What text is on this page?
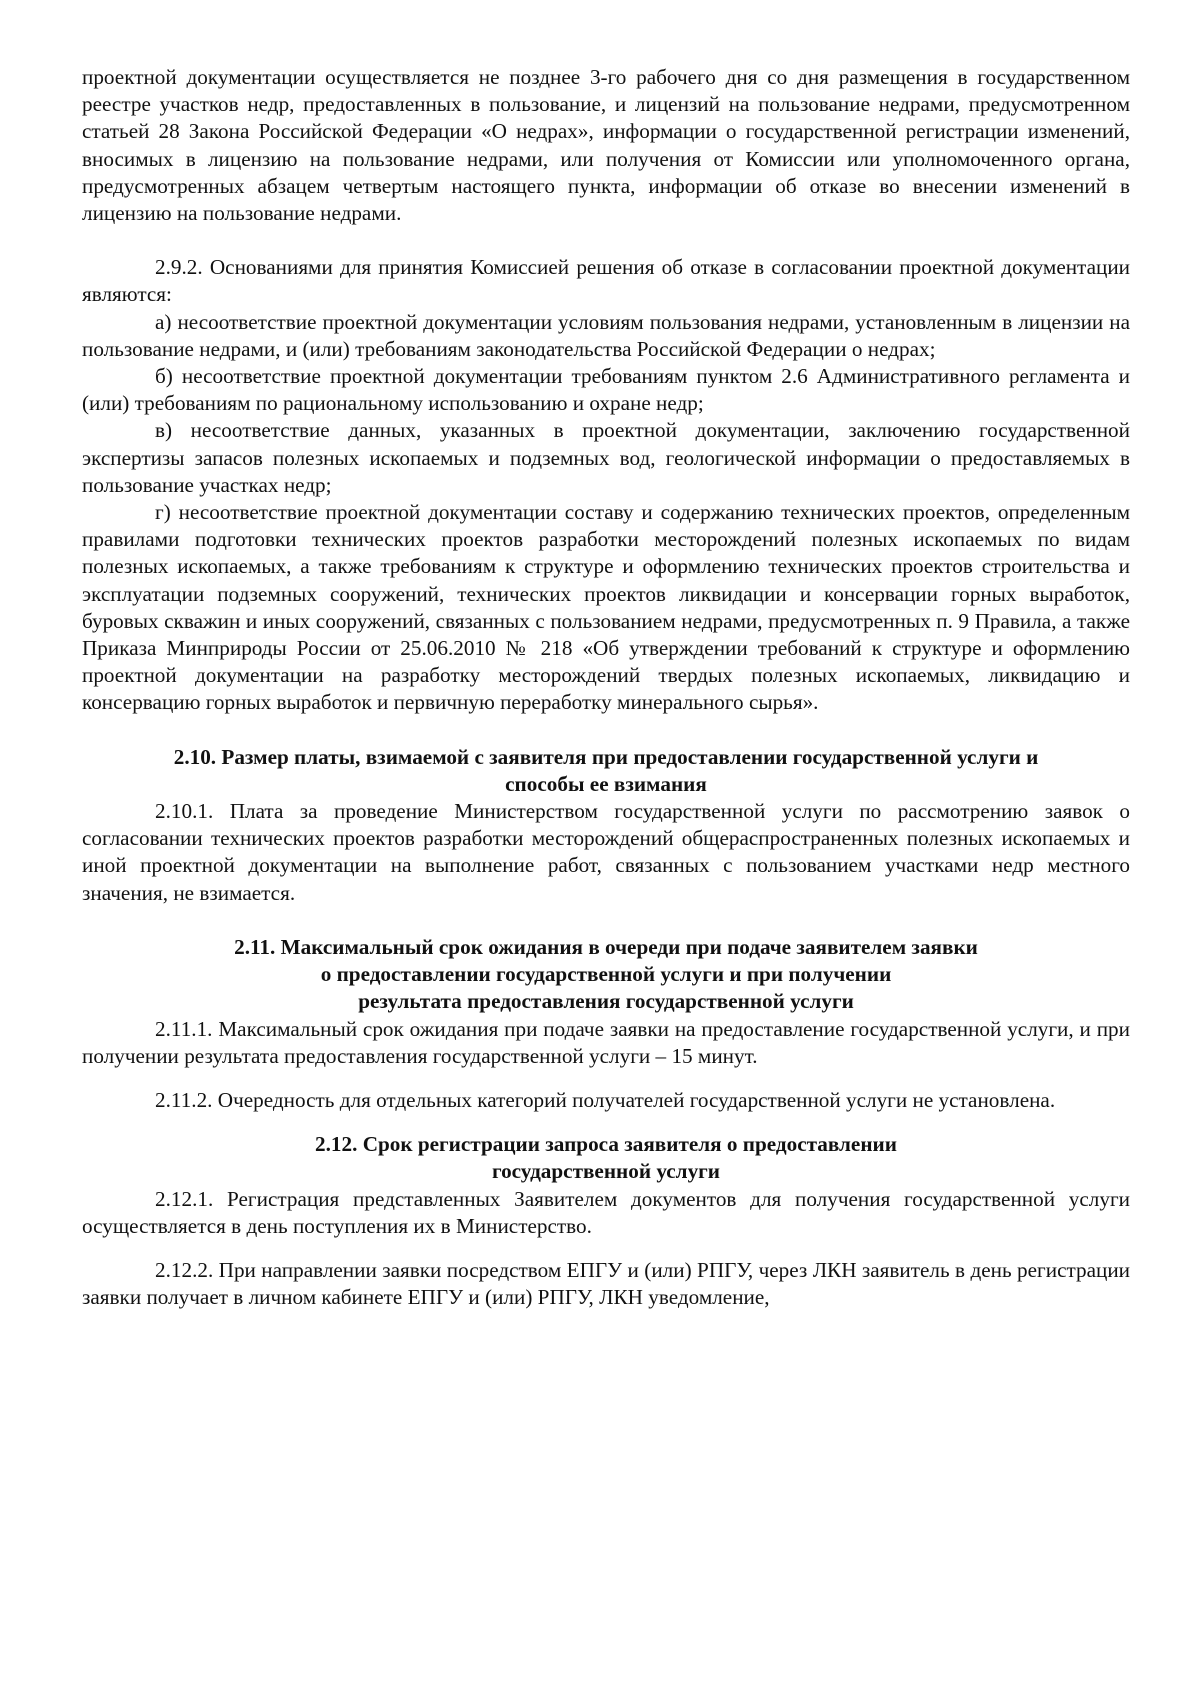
проектной документации осуществляется не позднее 3-го рабочего дня со дня размещения в государственном реестре участков недр, предоставленных в пользование, и лицензий на пользование недрами, предусмотренном статьей 28 Закона Российской Федерации «О недрах», информации о государственной регистрации изменений, вносимых в лицензию на пользование недрами, или получения от Комиссии или уполномоченного органа, предусмотренных абзацем четвертым настоящего пункта, информации об отказе во внесении изменений в лицензию на пользование недрами.

2.9.2. Основаниями для принятия Комиссией решения об отказе в согласовании проектной документации являются:

а) несоответствие проектной документации условиям пользования недрами, установленным в лицензии на пользование недрами, и (или) требованиям законодательства Российской Федерации о недрах;

б) несоответствие проектной документации требованиям пунктом 2.6 Административного регламента и (или) требованиям по рациональному использованию и охране недр;

в) несоответствие данных, указанных в проектной документации, заключению государственной экспертизы запасов полезных ископаемых и подземных вод, геологической информации о предоставляемых в пользование участках недр;

г) несоответствие проектной документации составу и содержанию технических проектов, определенным правилами подготовки технических проектов разработки месторождений полезных ископаемых по видам полезных ископаемых, а также требованиям к структуре и оформлению технических проектов строительства и эксплуатации подземных сооружений, технических проектов ликвидации и консервации горных выработок, буровых скважин и иных сооружений, связанных с пользованием недрами, предусмотренных п. 9 Правила, а также Приказа Минприроды России от 25.06.2010 № 218 «Об утверждении требований к структуре и оформлению проектной документации на разработку месторождений твердых полезных ископаемых, ликвидацию и консервацию горных выработок и первичную переработку минерального сырья».

2.10. Размер платы, взимаемой с заявителя при предоставлении государственной услуги и
способы ее взимания

2.10.1. Плата за проведение Министерством государственной услуги по рассмотрению заявок о согласовании технических проектов разработки месторождений общераспространенных полезных ископаемых и иной проектной документации на выполнение работ, связанных с пользованием участками недр местного значения, не взимается.

2.11. Максимальный срок ожидания в очереди при подаче заявителем заявки
о предоставлении государственной услуги и при получении
результата предоставления государственной услуги

2.11.1. Максимальный срок ожидания при подаче заявки на предоставление государственной услуги, и при получении результата предоставления государственной услуги – 15 минут.

2.11.2. Очередность для отдельных категорий получателей государственной услуги не установлена.

2.12. Срок регистрации запроса заявителя о предоставлении
государственной услуги

2.12.1. Регистрация представленных Заявителем документов для получения государственной услуги осуществляется в день поступления их в Министерство.

2.12.2. При направлении заявки посредством ЕПГУ и (или) РПГУ, через ЛКН заявитель в день регистрации заявки получает в личном кабинете ЕПГУ и (или) РПГУ, ЛКН уведомление,
